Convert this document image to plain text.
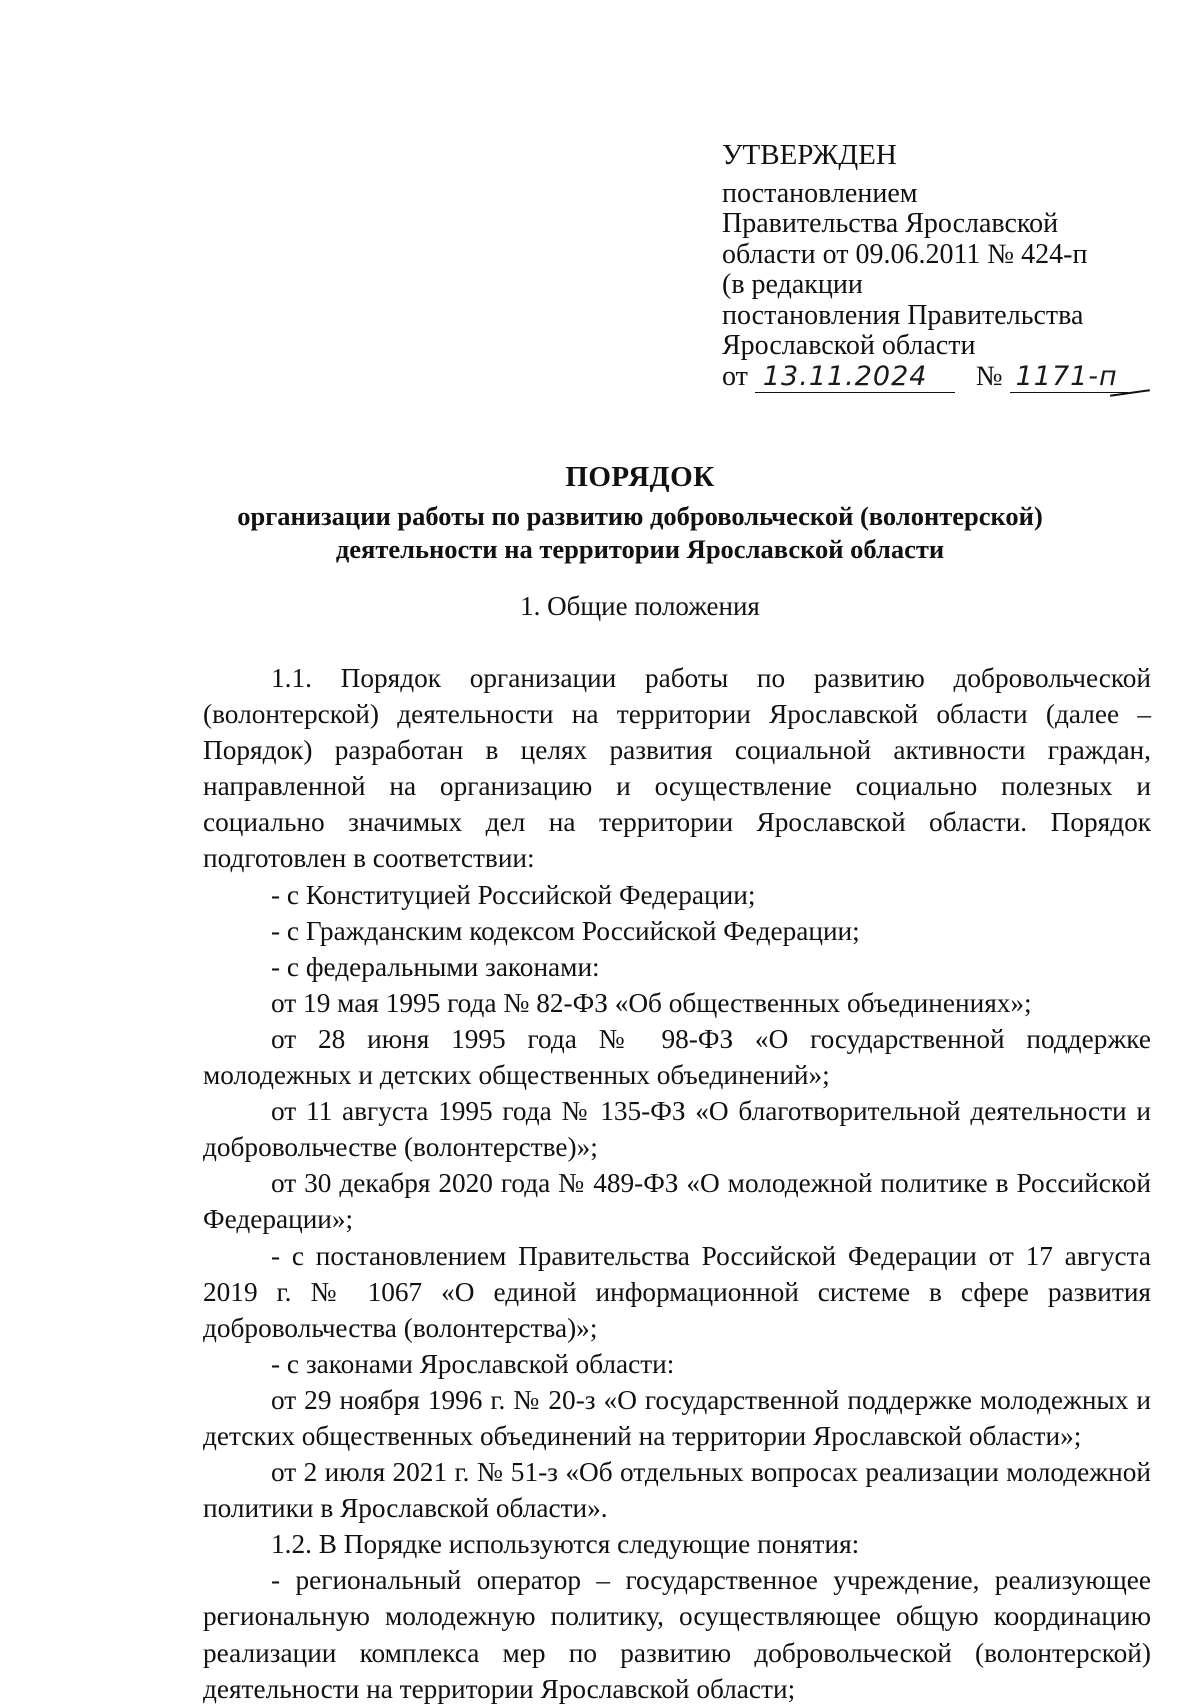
УТВЕРЖДЕН
постановлением
Правительства Ярославской
области от 09.06.2011 № 424-п
(в редакции
постановления Правительства
Ярославской области
от 13.11.2024 № 1171-п
ПОРЯДОК
организации работы по развитию добровольческой (волонтерской)
деятельности на территории Ярославской области
1. Общие положения

1.1. Порядок организации работы по развитию добровольческой (волонтерской) деятельности на территории Ярославской области (далее – Порядок) разработан в целях развития социальной активности граждан, направленной на организацию и осуществление социально полезных и социально значимых дел на территории Ярославской области. Порядок подготовлен в соответствии:

- с Конституцией Российской Федерации;

- с Гражданским кодексом Российской Федерации;

- с федеральными законами:

от 19 мая 1995 года № 82-ФЗ «Об общественных объединениях»;

от 28 июня 1995 года № 98-ФЗ «О государственной поддержке молодежных и детских общественных объединений»;

от 11 августа 1995 года № 135-ФЗ «О благотворительной деятельности и добровольчестве (волонтерстве)»;

от 30 декабря 2020 года № 489-ФЗ «О молодежной политике в Российской Федерации»;

- с постановлением Правительства Российской Федерации от 17 августа 2019 г. № 1067 «О единой информационной системе в сфере развития добровольчества (волонтерства)»;

- с законами Ярославской области:

от 29 ноября 1996 г. № 20-з «О государственной поддержке молодежных и детских общественных объединений на территории Ярославской области»;

от 2 июля 2021 г. № 51-з «Об отдельных вопросах реализации молодежной политики в Ярославской области».

1.2. В Порядке используются следующие понятия:

- региональный оператор – государственное учреждение, реализующее региональную молодежную политику, осуществляющее общую координацию реализации комплекса мер по развитию добровольческой (волонтерской) деятельности на территории Ярославской области;
